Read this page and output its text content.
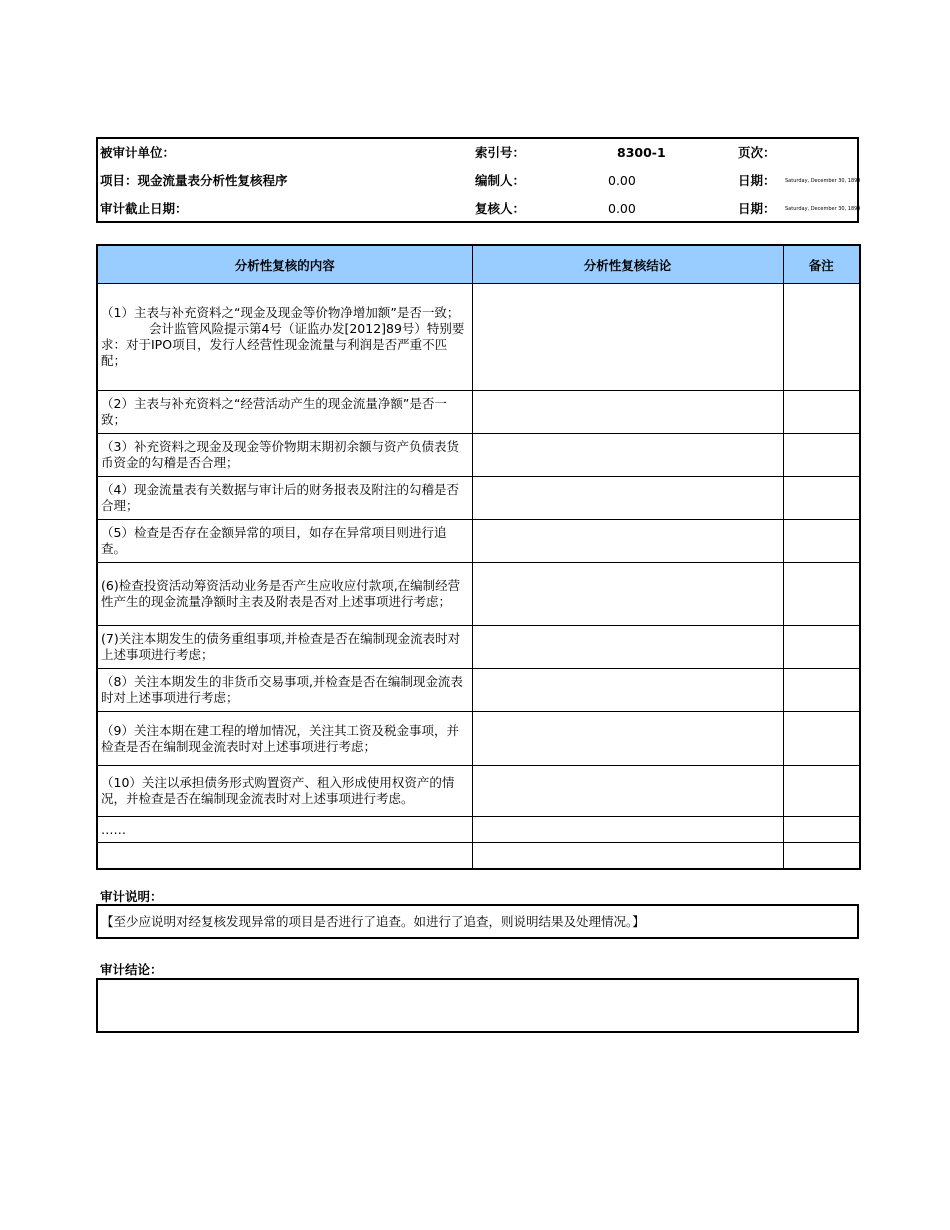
被审计单位：	索引号：	8300-1	页次：
项目：现金流量表分析性复核程序	编制人：	0.00	日期： Saturday, December 30, 1899
审计截止日期：	复核人：	0.00	日期： Saturday, December 30, 1899
分析性复核的内容	分析性复核结论	备注
（1）主表与补充资料之“现金及现金等价物净增加额”是否一致； 会计监管风险提示第4号（证监办发[2012]89号）特别要求：对于IPO项目，发行人经营性现金流量与利润是否严重不匹配；		
（2）主表与补充资料之“经营活动产生的现金流量净额”是否一致；		
（3）补充资料之现金及现金等价物期末期初余额与资产负债表货币资金的勾稽是否合理；		
（4）现金流量表有关数据与审计后的财务报表及附注的勾稽是否合理；		
（5）检查是否存在金额异常的项目，如存在异常项目则进行追查。		
(6)检查投资活动筹资活动业务是否产生应收应付款项,在编制经营性产生的现金流量净额时主表及附表是否对上述事项进行考虑；		
(7)关注本期发生的债务重组事项,并检查是否在编制现金流表时对上述事项进行考虑；		
（8）关注本期发生的非货币交易事项,并检查是否在编制现金流表时对上述事项进行考虑；		
（9）关注本期在建工程的增加情况，关注其工资及税金事项，并检查是否在编制现金流表时对上述事项进行考虑；		
（10）关注以承担债务形式购置资产、租入形成使用权资产的情况，并检查是否在编制现金流表时对上述事项进行考虑。		
……		

审计说明：
【至少应说明对经复核发现异常的项目是否进行了追查。如进行了追查，则说明结果及处理情况。】
审计结论：
